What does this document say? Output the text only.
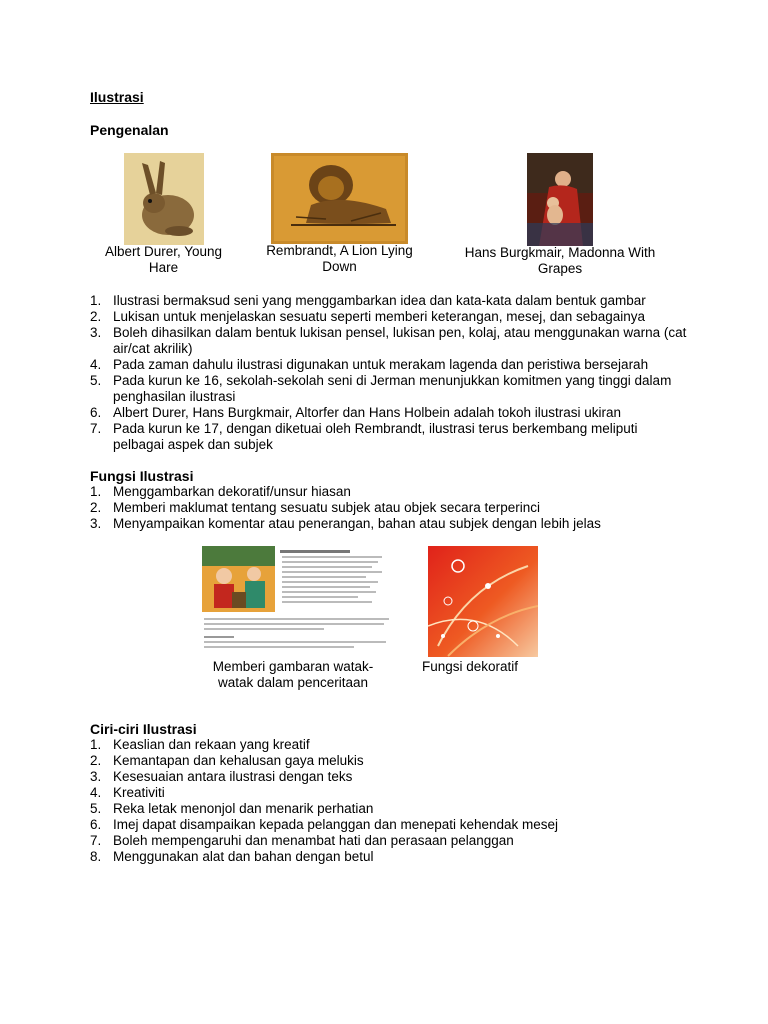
Ilustrasi
Pengenalan
Albert Durer, Young Hare
Rembrandt, A Lion Lying Down
Hans Burgkmair, Madonna With Grapes
1. Ilustrasi bermaksud seni yang menggambarkan idea dan kata-kata dalam bentuk gambar
2. Lukisan untuk menjelaskan sesuatu seperti memberi keterangan, mesej, dan sebagainya
3. Boleh dihasilkan dalam bentuk lukisan pensel, lukisan pen, kolaj, atau menggunakan warna (cat air/cat akrilik)
4. Pada zaman dahulu ilustrasi digunakan untuk merakam lagenda dan peristiwa bersejarah
5. Pada kurun ke 16, sekolah-sekolah seni di Jerman menunjukkan komitmen yang tinggi dalam penghasilan ilustrasi
6. Albert Durer, Hans Burgkmair, Altorfer dan Hans Holbein adalah tokoh ilustrasi ukiran
7. Pada kurun ke 17, dengan diketuai oleh Rembrandt, ilustrasi terus berkembang meliputi pelbagai aspek dan subjek
Fungsi Ilustrasi
1. Menggambarkan dekoratif/unsur hiasan
2. Memberi maklumat tentang sesuatu subjek atau objek secara terperinci
3. Menyampaikan komentar atau penerangan, bahan atau subjek dengan lebih jelas
Memberi gambaran watak-watak dalam penceritaan
Fungsi dekoratif
Ciri-ciri Ilustrasi
1. Keaslian dan rekaan yang kreatif
2. Kemantapan dan kehalusan gaya melukis
3. Kesesuaian antara ilustrasi dengan teks
4. Kreativiti
5. Reka letak menonjol dan menarik perhatian
6. Imej dapat disampaikan kepada pelanggan dan menepati kehendak mesej
7. Boleh mempengaruhi dan menambat hati dan perasaan pelanggan
8. Menggunakan alat dan bahan dengan betul
